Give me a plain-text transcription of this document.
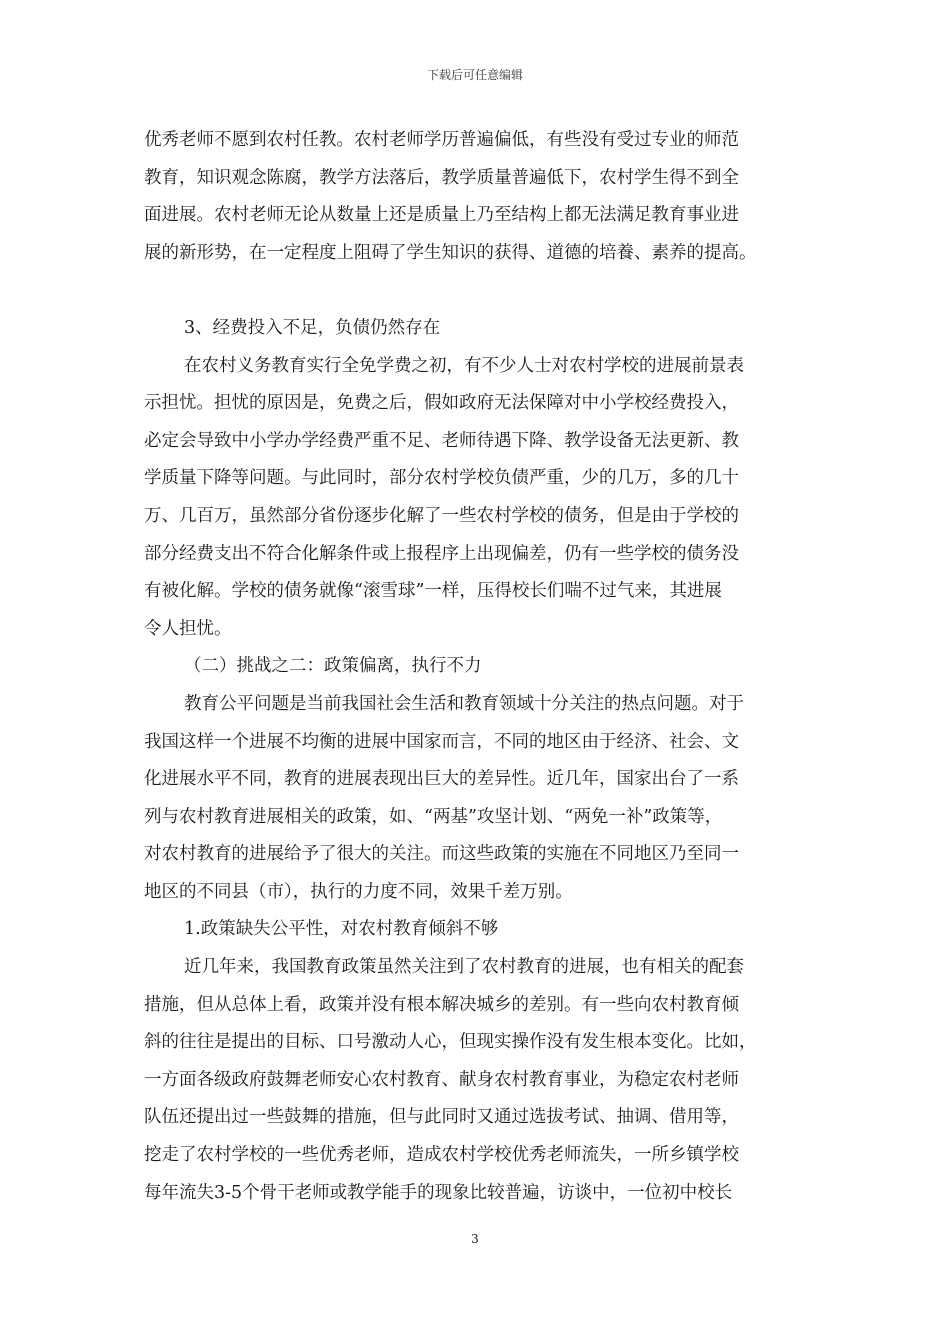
下载后可任意编辑
优秀老师不愿到农村任教。农村老师学历普遍偏低，有些没有受过专业的师范
教育，知识观念陈腐，教学方法落后，教学质量普遍低下，农村学生得不到全
面进展。农村老师无论从数量上还是质量上乃至结构上都无法满足教育事业进
展的新形势，在一定程度上阻碍了学生知识的获得、道德的培養、素养的提高。
3、经费投入不足，负债仍然存在
在农村义务教育实行全免学费之初，有不少人士对农村学校的进展前景表
示担忧。担忧的原因是，免费之后，假如政府无法保障对中小学校经费投入，
必定会导致中小学办学经费严重不足、老师待遇下降、教学设备无法更新、教
学质量下降等问题。与此同时，部分农村学校负债严重，少的几万，多的几十
万、几百万，虽然部分省份逐步化解了一些农村学校的债务，但是由于学校的
部分经费支出不符合化解条件或上报程序上出现偏差，仍有一些学校的债务没
有被化解。学校的债务就像“滚雪球”一样，压得校长们喘不过气来，其进展
令人担忧。
（二）挑战之二：政策偏离，执行不力
教育公平问题是当前我国社会生活和教育领域十分关注的热点问题。对于
我国这样一个进展不均衡的进展中国家而言，不同的地区由于经济、社会、文
化进展水平不同，教育的进展表现出巨大的差异性。近几年，国家出台了一系
列与农村教育进展相关的政策，如、“两基”攻坚计划、“两免一补”政策等，
对农村教育的进展给予了很大的关注。而这些政策的实施在不同地区乃至同一
地区的不同县（市），执行的力度不同，效果千差万别。
1.政策缺失公平性，对农村教育倾斜不够
近几年来，我国教育政策虽然关注到了农村教育的进展，也有相关的配套
措施，但从总体上看，政策并没有根本解决城乡的差别。有一些向农村教育倾
斜的往往是提出的目标、口号激动人心，但现实操作没有发生根本变化。比如，
一方面各级政府鼓舞老师安心农村教育、献身农村教育事业，为稳定农村老师
队伍还提出过一些鼓舞的措施，但与此同时又通过选拔考试、抽调、借用等，
挖走了农村学校的一些优秀老师，造成农村学校优秀老师流失，一所乡镇学校
每年流失3-5个骨干老师或教学能手的现象比较普遍，访谈中，一位初中校长
3
